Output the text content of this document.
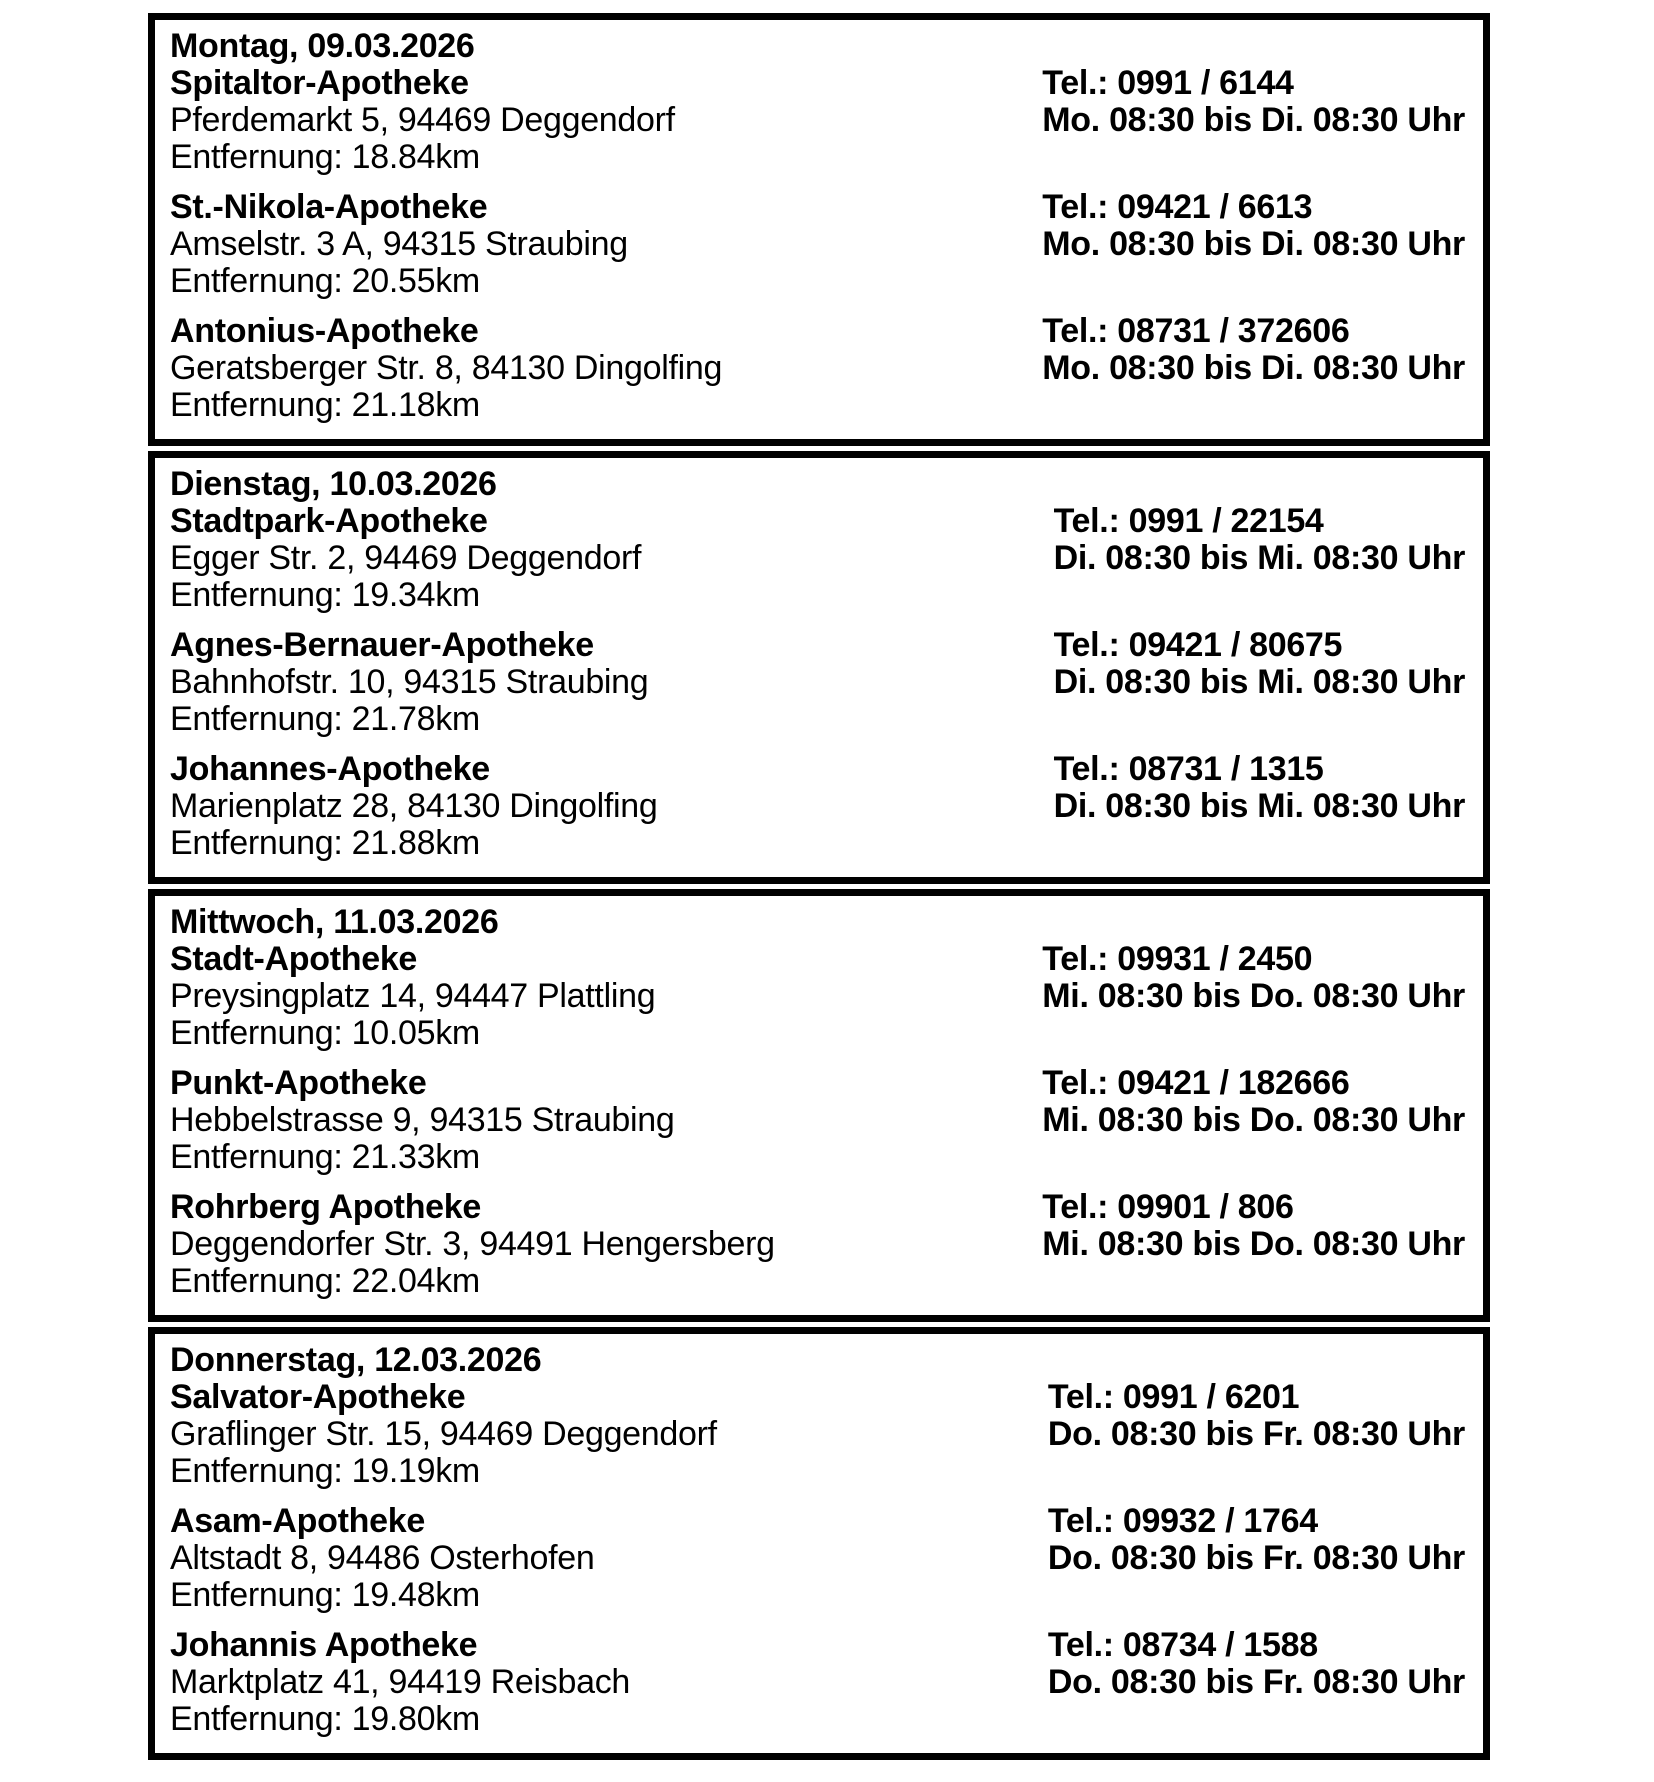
Montag, 09.03.2026
Spitaltor-Apotheke
Pferdemarkt 5, 94469 Deggendorf
Entfernung: 18.84km
Tel.: 0991 / 6144
Mo. 08:30 bis Di. 08:30 Uhr
St.-Nikola-Apotheke
Amselstr. 3 A, 94315 Straubing
Entfernung: 20.55km
Tel.: 09421 / 6613
Mo. 08:30 bis Di. 08:30 Uhr
Antonius-Apotheke
Geratsberger Str. 8, 84130 Dingolfing
Entfernung: 21.18km
Tel.: 08731 / 372606
Mo. 08:30 bis Di. 08:30 Uhr
Dienstag, 10.03.2026
Stadtpark-Apotheke
Egger Str. 2, 94469 Deggendorf
Entfernung: 19.34km
Tel.: 0991 / 22154
Di. 08:30 bis Mi. 08:30 Uhr
Agnes-Bernauer-Apotheke
Bahnhofstr. 10, 94315 Straubing
Entfernung: 21.78km
Tel.: 09421 / 80675
Di. 08:30 bis Mi. 08:30 Uhr
Johannes-Apotheke
Marienplatz 28, 84130 Dingolfing
Entfernung: 21.88km
Tel.: 08731 / 1315
Di. 08:30 bis Mi. 08:30 Uhr
Mittwoch, 11.03.2026
Stadt-Apotheke
Preysingplatz 14, 94447 Plattling
Entfernung: 10.05km
Tel.: 09931 / 2450
Mi. 08:30 bis Do. 08:30 Uhr
Punkt-Apotheke
Hebbelstrasse 9, 94315 Straubing
Entfernung: 21.33km
Tel.: 09421 / 182666
Mi. 08:30 bis Do. 08:30 Uhr
Rohrberg Apotheke
Deggendorfer Str. 3, 94491 Hengersberg
Entfernung: 22.04km
Tel.: 09901 / 806
Mi. 08:30 bis Do. 08:30 Uhr
Donnerstag, 12.03.2026
Salvator-Apotheke
Graflinger Str. 15, 94469 Deggendorf
Entfernung: 19.19km
Tel.: 0991 / 6201
Do. 08:30 bis Fr. 08:30 Uhr
Asam-Apotheke
Altstadt 8, 94486 Osterhofen
Entfernung: 19.48km
Tel.: 09932 / 1764
Do. 08:30 bis Fr. 08:30 Uhr
Johannis Apotheke
Marktplatz 41, 94419 Reisbach
Entfernung: 19.80km
Tel.: 08734 / 1588
Do. 08:30 bis Fr. 08:30 Uhr
